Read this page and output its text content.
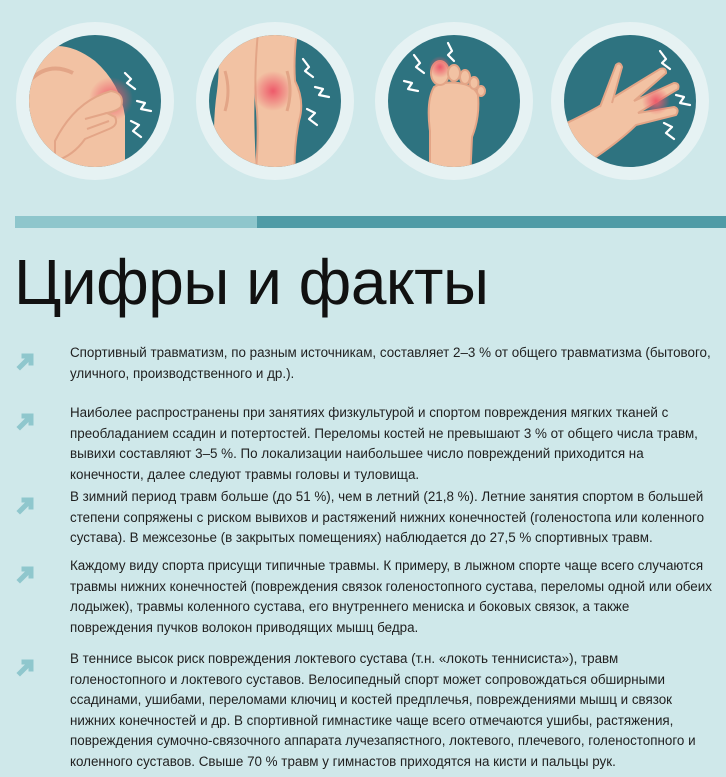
Цифры и факты

Спортивный травматизм, по разным источникам, составляет 2–3 % от общего травматизма (бытового, уличного, производственного и др.).

Наиболее распространены при занятиях физкультурой и спортом повреждения мягких тканей с преобладанием ссадин и потертостей. Переломы костей не превышают 3 % от общего числа травм, вывихи составляют 3–5 %. По локализации наибольшее число повреждений приходится на конечности, далее следуют травмы головы и туловища.

В зимний период травм больше (до 51 %), чем в летний (21,8 %). Летние занятия спортом в большей степени сопряжены с риском вывихов и растяжений нижних конечностей (голеностопа или коленного сустава). В межсезонье (в закрытых помещениях) наблюдается до 27,5 % спортивных травм.

Каждому виду спорта присущи типичные травмы. К примеру, в лыжном спорте чаще всего случаются травмы нижних конечностей (повреждения связок голеностопного сустава, переломы одной или обеих лодыжек), травмы коленного сустава, его внутреннего мениска и боковых связок, а также повреждения пучков волокон приводящих мышц бедра.

В теннисе высок риск повреждения локтевого сустава (т.н. «локоть теннисиста»), травм голеностопного и локтевого суставов. Велосипедный спорт может сопровождаться обширными ссадинами, ушибами, переломами ключиц и костей предплечья, повреждениями мышц и связок нижних конечностей и др. В спортивной гимнастике чаще всего отмечаются ушибы, растяжения, повреждения сумочно-связочного аппарата лучезапястного, локтевого, плечевого, голеностопного и коленного суставов. Свыше 70 % травм у гимнастов приходятся на кисти и пальцы рук.
